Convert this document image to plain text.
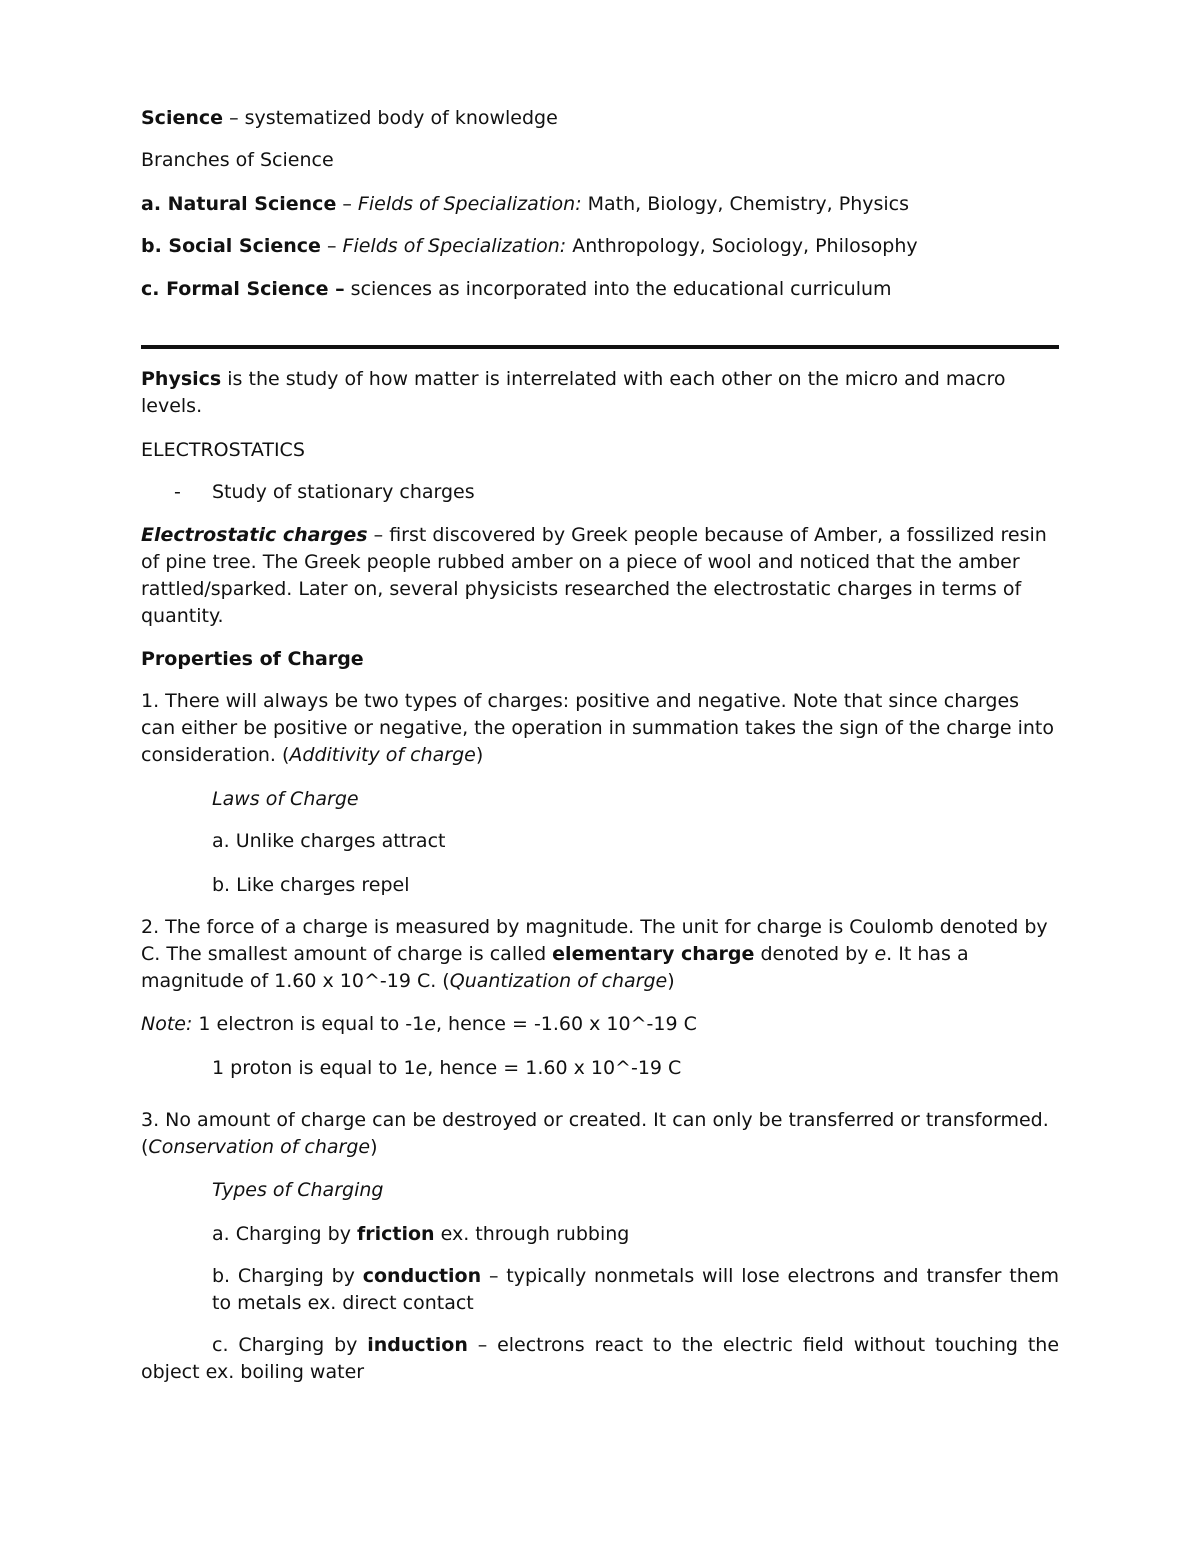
Science – systematized body of knowledge

Branches of Science

a. Natural Science – Fields of Specialization: Math, Biology, Chemistry, Physics

b. Social Science – Fields of Specialization: Anthropology, Sociology, Philosophy

c. Formal Science – sciences as incorporated into the educational curriculum

Physics is the study of how matter is interrelated with each other on the micro and macro levels.

ELECTROSTATICS

- Study of stationary charges

Electrostatic charges – first discovered by Greek people because of Amber, a fossilized resin of pine tree. The Greek people rubbed amber on a piece of wool and noticed that the amber rattled/sparked. Later on, several physicists researched the electrostatic charges in terms of quantity.

Properties of Charge

1. There will always be two types of charges: positive and negative. Note that since charges can either be positive or negative, the operation in summation takes the sign of the charge into consideration. (Additivity of charge)

Laws of Charge

a. Unlike charges attract

b. Like charges repel

2. The force of a charge is measured by magnitude. The unit for charge is Coulomb denoted by C. The smallest amount of charge is called elementary charge denoted by e. It has a magnitude of 1.60 x 10^-19 C. (Quantization of charge)

Note: 1 electron is equal to -1e, hence = -1.60 x 10^-19 C

1 proton is equal to 1e, hence = 1.60 x 10^-19 C

3. No amount of charge can be destroyed or created. It can only be transferred or transformed. (Conservation of charge)

Types of Charging

a. Charging by friction ex. through rubbing

b. Charging by conduction – typically nonmetals will lose electrons and transfer them to metals ex. direct contact

c. Charging by induction – electrons react to the electric field without touching the object ex. boiling water
